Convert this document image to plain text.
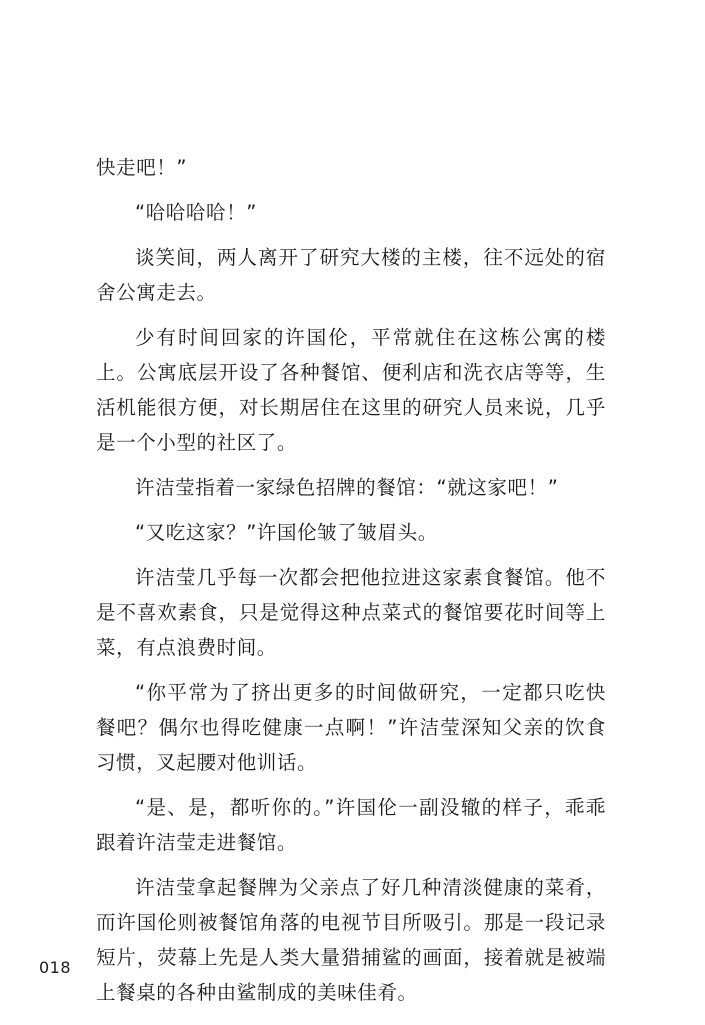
快走吧！”

“哈哈哈哈！”

谈笑间，两人离开了研究大楼的主楼，往不远处的宿舍公寓走去。

少有时间回家的许国伦，平常就住在这栋公寓的楼上。公寓底层开设了各种餐馆、便利店和洗衣店等等，生活机能很方便，对长期居住在这里的研究人员来说，几乎是一个小型的社区了。

许洁莹指着一家绿色招牌的餐馆：“就这家吧！”

“又吃这家？”许国伦皱了皱眉头。

许洁莹几乎每一次都会把他拉进这家素食餐馆。他不是不喜欢素食，只是觉得这种点菜式的餐馆要花时间等上菜，有点浪费时间。

“你平常为了挤出更多的时间做研究，一定都只吃快餐吧？偶尔也得吃健康一点啊！”许洁莹深知父亲的饮食习惯，叉起腰对他训话。

“是、是，都听你的。”许国伦一副没辙的样子，乖乖跟着许洁莹走进餐馆。

许洁莹拿起餐牌为父亲点了好几种清淡健康的菜肴，而许国伦则被餐馆角落的电视节目所吸引。那是一段记录短片，荧幕上先是人类大量猎捕鲨的画面，接着就是被端上餐桌的各种由鲨制成的美味佳肴。

018
